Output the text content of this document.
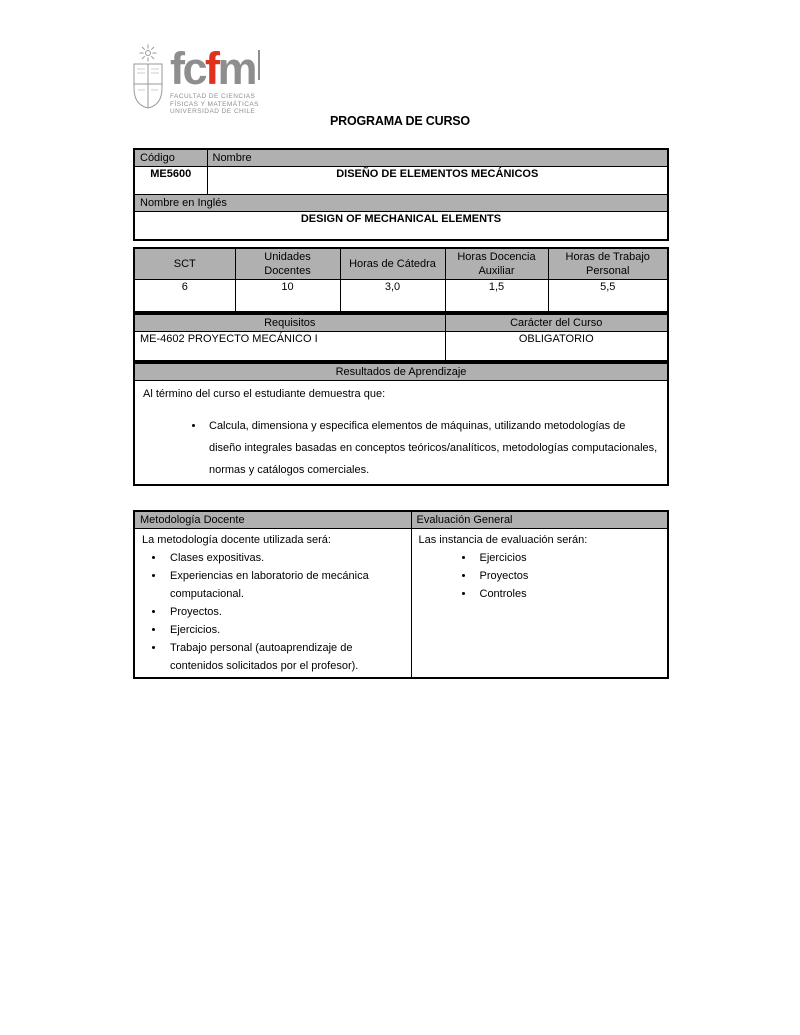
fc f m
FACULTAD DE CIENCIAS
FÍSICAS Y MATEMÁTICAS
UNIVERSIDAD DE CHILE
PROGRAMA DE CURSO
Código	Nombre
ME5600	DISEÑO DE ELEMENTOS MECÁNICOS
Nombre en Inglés	
DESIGN OF MECHANICAL ELEMENTS	
SCT	Unidades Docentes	Horas de Cátedra	Horas Docencia Auxiliar	Horas de Trabajo Personal
6	10	3,0	1,5	5,5
Requisitos	Carácter del Curso
ME-4602 PROYECTO MECÁNICO I	OBLIGATORIO
Resultados de Aprendizaje

Al término del curso el estudiante demuestra que:
• Calcula, dimensiona y especifica elementos de máquinas, utilizando metodologías de diseño integrales basadas en conceptos teóricos/analíticos, metodologías computacionales, normas y catálogos comerciales.
Metodología Docente	Evaluación General

La metodología docente utilizada será:
• Clases expositivas.
• Experiencias en laboratorio de mecánica computacional.
• Proyectos.
• Ejercicios.
• Trabajo personal (autoaprendizaje de contenidos solicitados por el profesor).

Las instancia de evaluación serán:
• Ejercicios
• Proyectos
• Controles
